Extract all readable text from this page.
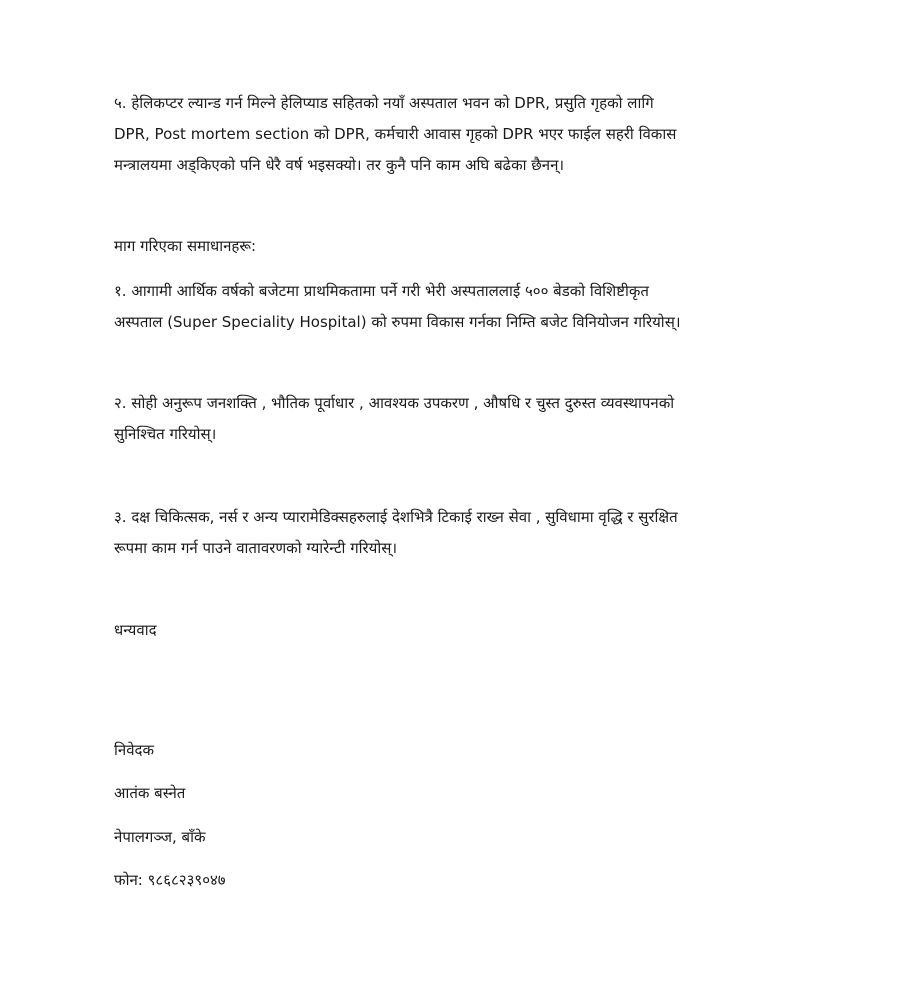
५. हेलिकप्टर ल्यान्ड गर्न मिल्ने हेलिप्याड सहितको नयाँ अस्पताल भवन को DPR, प्रसुति गृहको लागि
DPR, Post mortem section को DPR, कर्मचारी आवास गृहको DPR भएर फाईल सहरी विकास
मन्त्रालयमा अड्किएको पनि धेरै वर्ष भइसक्यो। तर कुनै पनि काम अघि बढेका छैनन्।

माग गरिएका समाधानहरू:

१. आगामी आर्थिक वर्षको बजेटमा प्राथमिकतामा पर्ने गरी भेरी अस्पताललाई ५०० बेडको विशिष्टीकृत
अस्पताल (Super Speciality Hospital) को रुपमा विकास गर्नका निम्ति बजेट विनियोजन गरियोस्।
२. सोही अनुरूप जनशक्ति , भौतिक पूर्वाधार , आवश्यक उपकरण , औषधि र चुस्त दुरुस्त व्यवस्थापनको
सुनिश्चित गरियोस्।
३. दक्ष चिकित्सक, नर्स र अन्य प्यारामेडिक्सहरुलाई देशभित्रै टिकाई राख्न सेवा , सुविधामा वृद्धि र सुरक्षित
रूपमा काम गर्न पाउने वातावरणको ग्यारेन्टी गरियोस्।

धन्यवाद

निवेदक

आतंक बस्नेत

नेपालगञ्ज, बाँके

फोन: ९८६८२३९०४७
